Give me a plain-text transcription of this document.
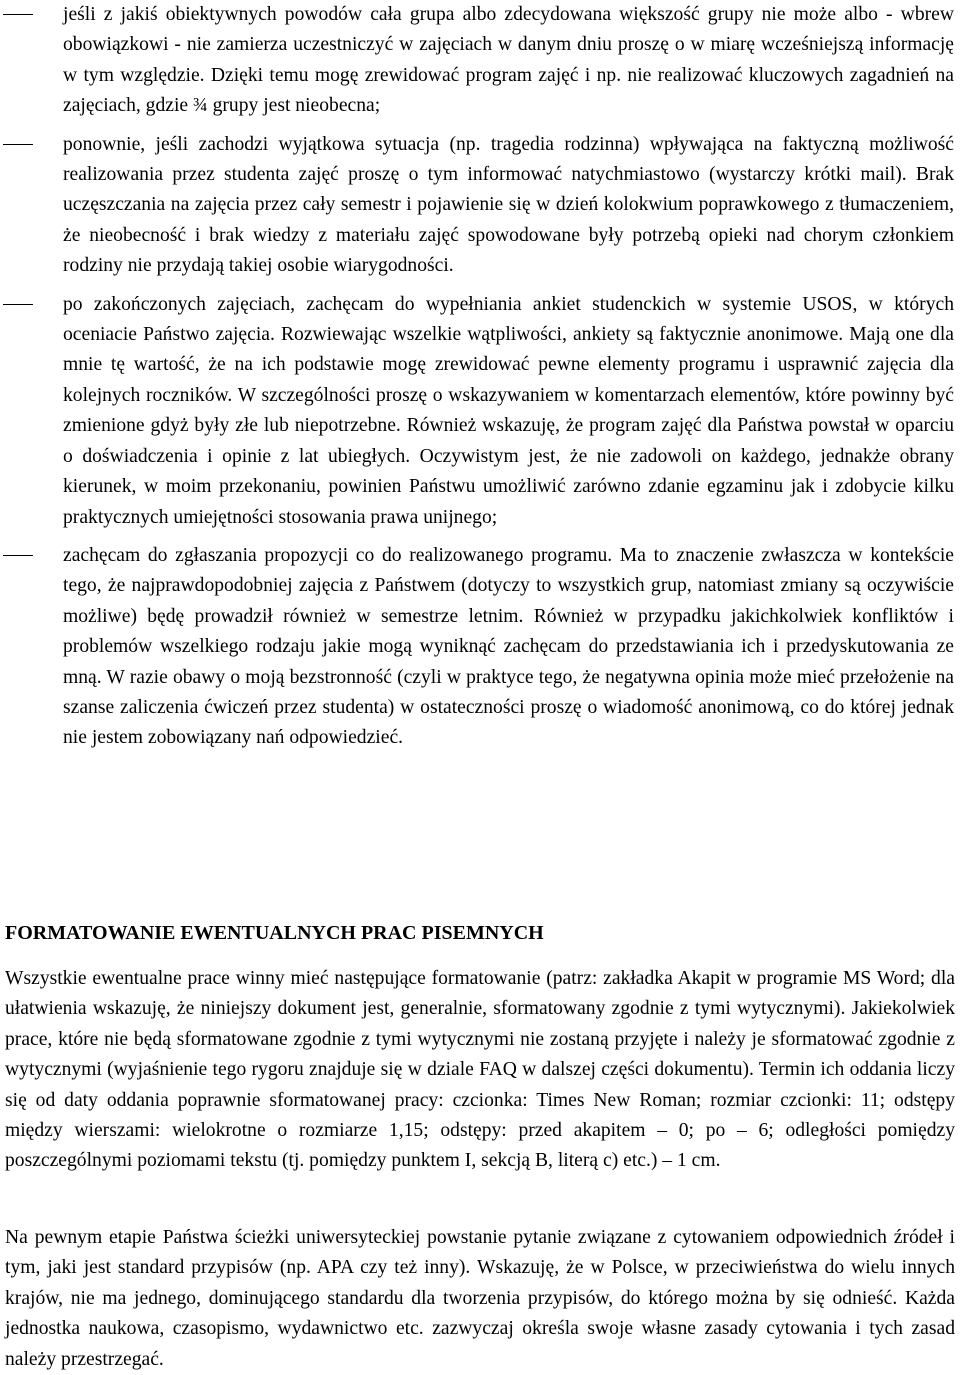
jeśli z jakiś obiektywnych powodów cała grupa albo zdecydowana większość grupy nie może albo - wbrew obowiązkowi - nie zamierza uczestniczyć w zajęciach w danym dniu proszę o w miarę wcześniejszą informację w tym względzie. Dzięki temu mogę zrewidować program zajęć i np. nie realizować kluczowych zagadnień na zajęciach, gdzie ¾ grupy jest nieobecna;
ponownie, jeśli zachodzi wyjątkowa sytuacja (np. tragedia rodzinna) wpływająca na faktyczną możliwość realizowania przez studenta zajęć proszę o tym informować natychmiastowo (wystarczy krótki mail). Brak uczęszczania na zajęcia przez cały semestr i pojawienie się w dzień kolokwium poprawkowego z tłumaczeniem, że nieobecność i brak wiedzy z materiału zajęć spowodowane były potrzebą opieki nad chorym członkiem rodziny nie przydają takiej osobie wiarygodności.
po zakończonych zajęciach, zachęcam do wypełniania ankiet studenckich w systemie USOS, w których oceniacie Państwo zajęcia. Rozwiewając wszelkie wątpliwości, ankiety są faktycznie anonimowe. Mają one dla mnie tę wartość, że na ich podstawie mogę zrewidować pewne elementy programu i usprawnić zajęcia dla kolejnych roczników. W szczególności proszę o wskazywaniem w komentarzach elementów, które powinny być zmienione gdyż były złe lub niepotrzebne. Również wskazuję, że program zajęć dla Państwa powstał w oparciu o doświadczenia i opinie z lat ubiegłych. Oczywistym jest, że nie zadowoli on każdego, jednakże obrany kierunek, w moim przekonaniu, powinien Państwu umożliwić zarówno zdanie egzaminu jak i zdobycie kilku praktycznych umiejętności stosowania prawa unijnego;
zachęcam do zgłaszania propozycji co do realizowanego programu. Ma to znaczenie zwłaszcza w kontekście tego, że najprawdopodobniej zajęcia z Państwem (dotyczy to wszystkich grup, natomiast zmiany są oczywiście możliwe) będę prowadził również w semestrze letnim. Również w przypadku jakichkolwiek konfliktów i problemów wszelkiego rodzaju jakie mogą wyniknąć zachęcam do przedstawiania ich i przedyskutowania ze mną. W razie obawy o moją bezstronność (czyli w praktyce tego, że negatywna opinia może mieć przełożenie na szanse zaliczenia ćwiczeń przez studenta) w ostateczności proszę o wiadomość anonimową, co do której jednak nie jestem zobowiązany nań odpowiedzieć.
FORMATOWANIE EWENTUALNYCH PRAC PISEMNYCH

Wszystkie ewentualne prace winny mieć następujące formatowanie (patrz: zakładka Akapit w programie MS Word; dla ułatwienia wskazuję, że niniejszy dokument jest, generalnie, sformatowany zgodnie z tymi wytycznymi). Jakiekolwiek prace, które nie będą sformatowane zgodnie z tymi wytycznymi nie zostaną przyjęte i należy je sformatować zgodnie z wytycznymi (wyjaśnienie tego rygoru znajduje się w dziale FAQ w dalszej części dokumentu). Termin ich oddania liczy się od daty oddania poprawnie sformatowanej pracy: czcionka: Times New Roman; rozmiar czcionki: 11; odstępy między wierszami: wielokrotne o rozmiarze 1,15; odstępy: przed akapitem – 0; po – 6; odległości pomiędzy poszczególnymi poziomami tekstu (tj. pomiędzy punktem I, sekcją B, literą c) etc.) – 1 cm.

Na pewnym etapie Państwa ścieżki uniwersyteckiej powstanie pytanie związane z cytowaniem odpowiednich źródeł i tym, jaki jest standard przypisów (np. APA czy też inny). Wskazuję, że w Polsce, w przeciwieństwa do wielu innych krajów, nie ma jednego, dominującego standardu dla tworzenia przypisów, do którego można by się odnieść. Każda jednostka naukowa, czasopismo, wydawnictwo etc. zazwyczaj określa swoje własne zasady cytowania i tych zasad należy przestrzegać.
